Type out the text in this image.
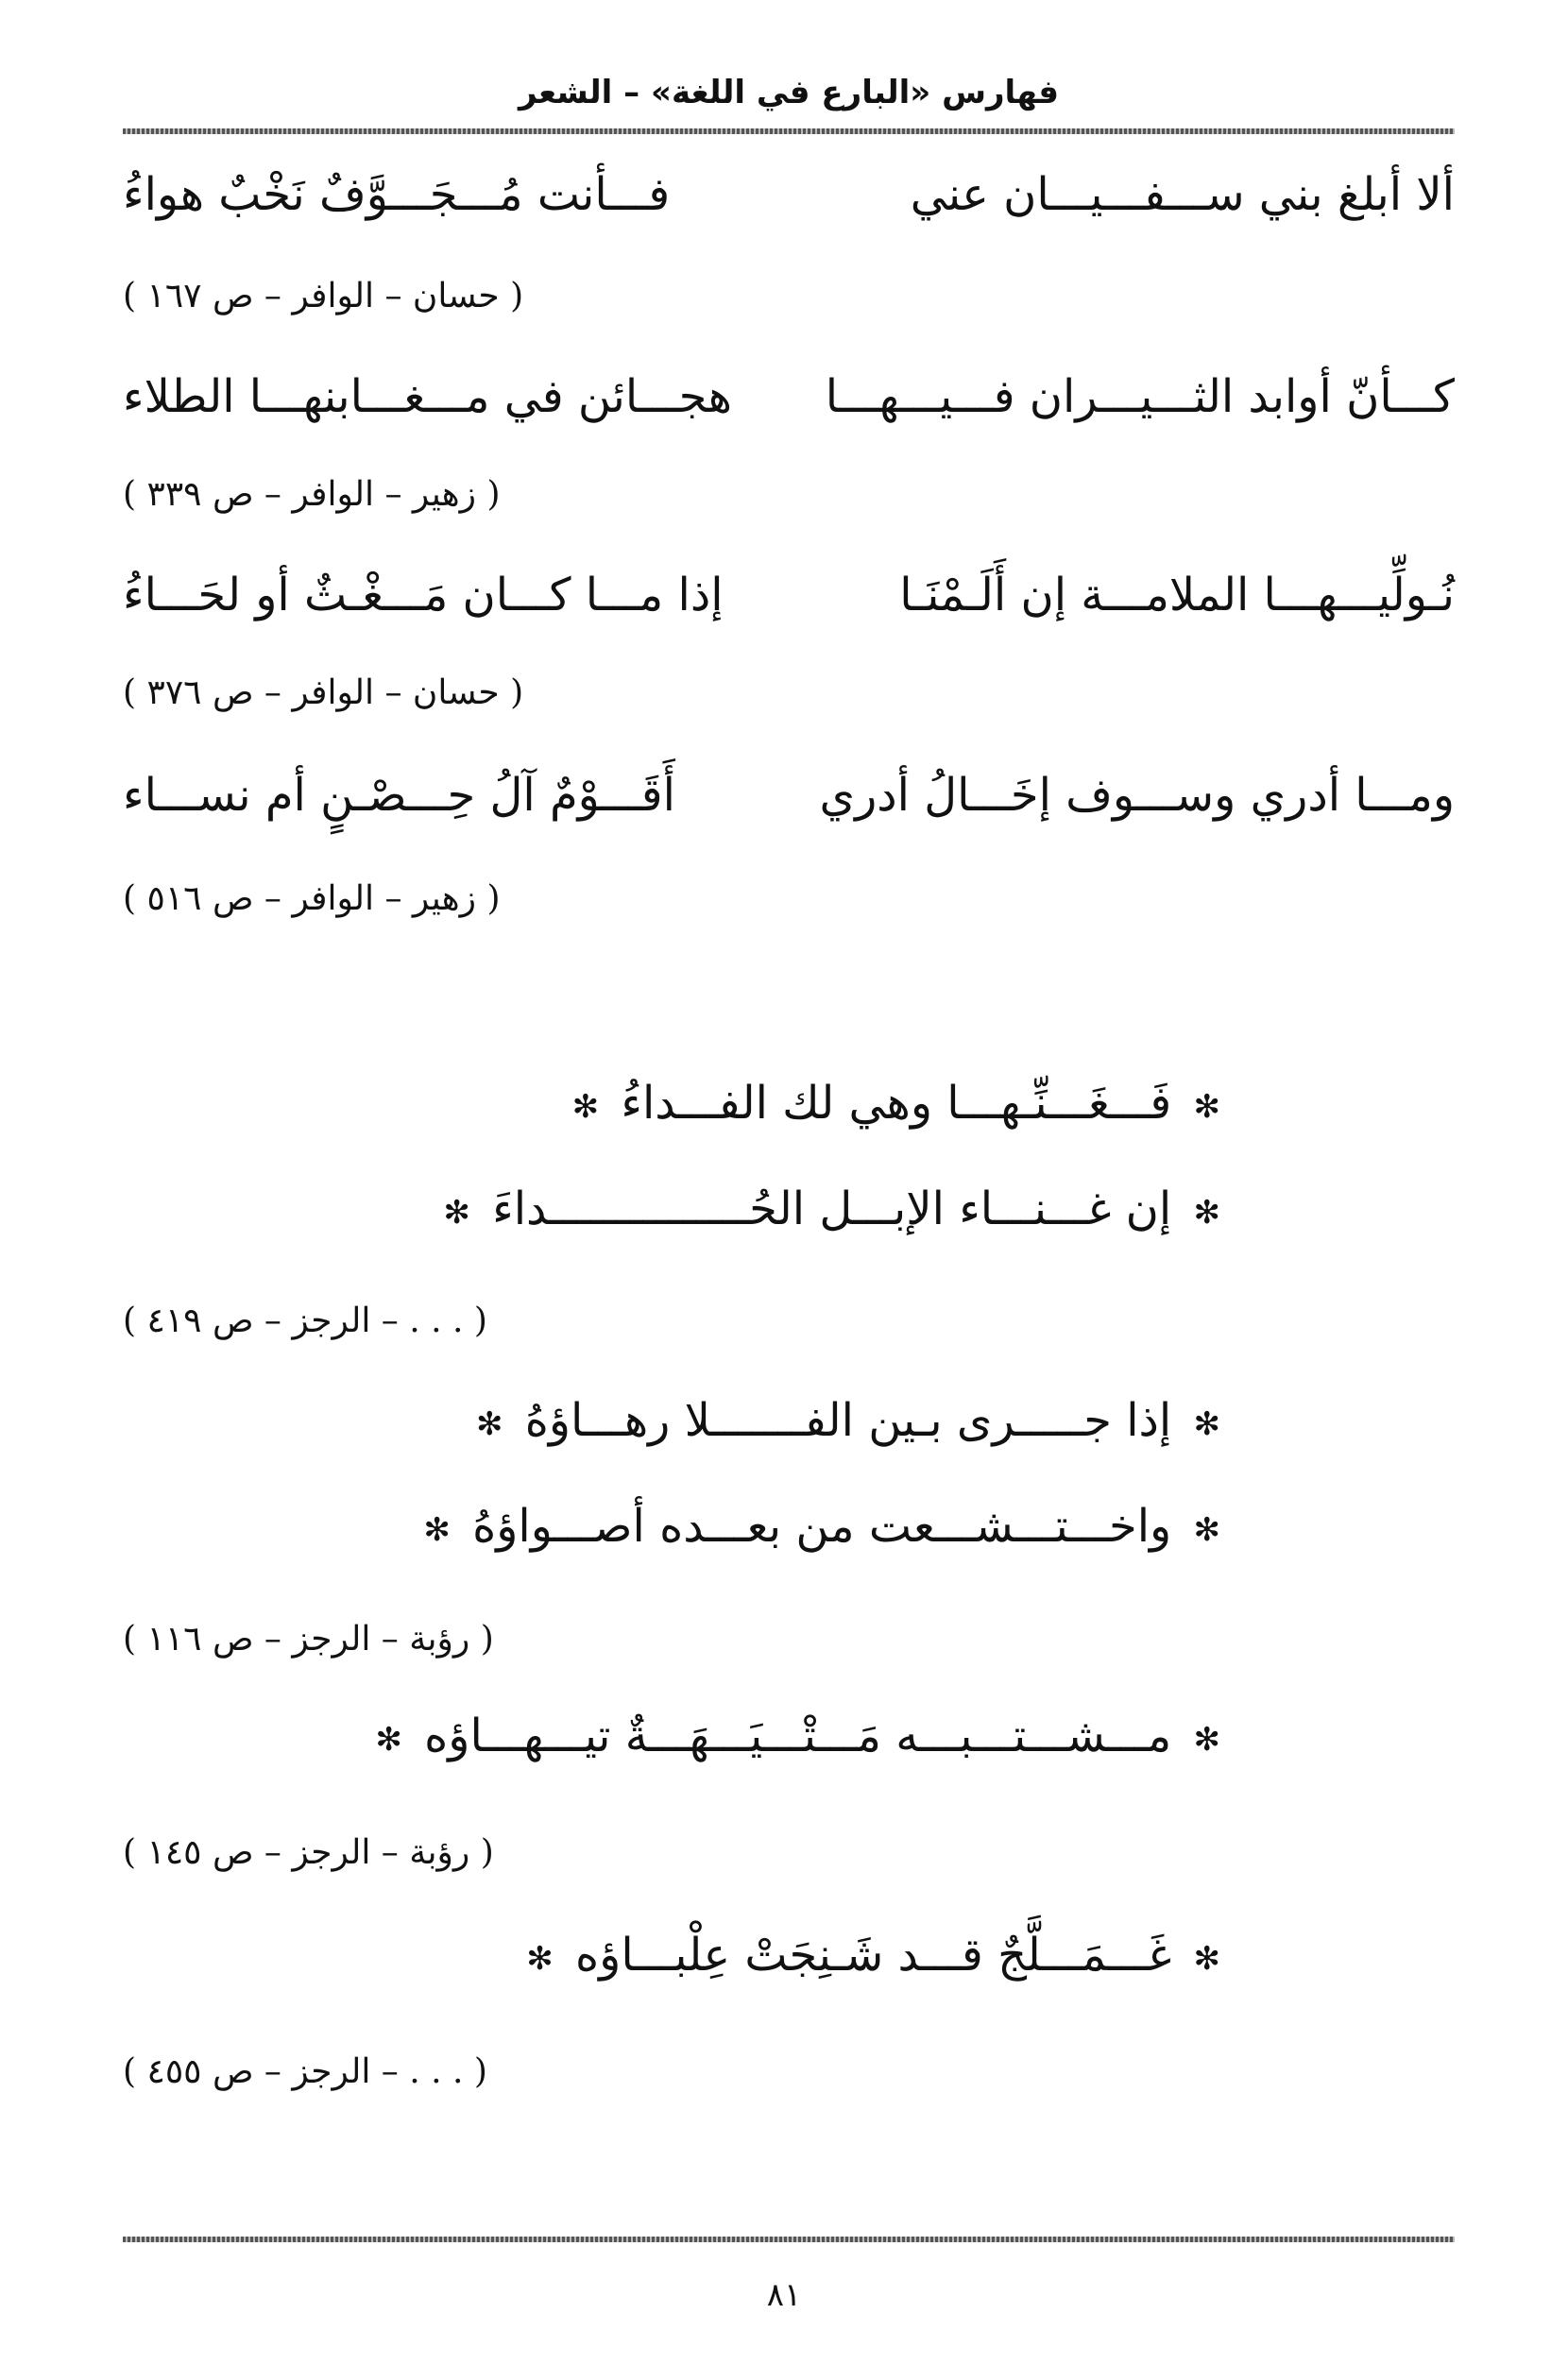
فهارس «البارع في اللغة» – الشعر
ألا أبلغ بني ســـفـــيـــان عني
فـــأنت مُـــجَـــوَّفٌ نَخْبٌ هواءُ
( حسان – الوافر – ص ١٦٧ )
كـــأنّ أوابد الثـــيـــران فـــيـــهـــا
هجـــائن في مـــغـــابنهـــا الطلاء
( زهير – الوافر – ص ٣٣٩ )
نُـولِّيـــهـــا الملامـــة إن أَلَـمْنَـا
إذا مـــا كـــان مَـــغْـثٌ أو لحَـــاءُ
( حسان – الوافر – ص ٣٧٦ )
ومـــا أدري وســـوف إخَـــالُ أدري
أَقَـــوْمٌ آلُ حِـــصْـنٍ أم نســـاء
( زهير – الوافر – ص ٥١٦ )
✻ فَـــغَـــنِّـهـــا وهي لك الفـــداءُ ✻
✻ إن غـــنـــاء الإبـــل الحُـــــــــــــــداءَ ✻
( . . . – الرجز – ص ٤١٩ )
✻ إذا جـــــرى بـين الفـــــــلا رهـــاؤهُ ✻
✻ واخـــتـــشـــعت من بعـــده أصـــواؤهُ ✻
( رؤبة – الرجز – ص ١١٦ )
✻ مـــشـــتـــبـــه مَـــتْـــيَـــهَـــةٌ تيـــهـــاؤه ✻
( رؤبة – الرجز – ص ١٤٥ )
✻ غَـــمَـــلَّجٌ قـــد شَـنِجَتْ عِلْبـــاؤه ✻
( . . . – الرجز – ص ٤٥٥ )
٨١
